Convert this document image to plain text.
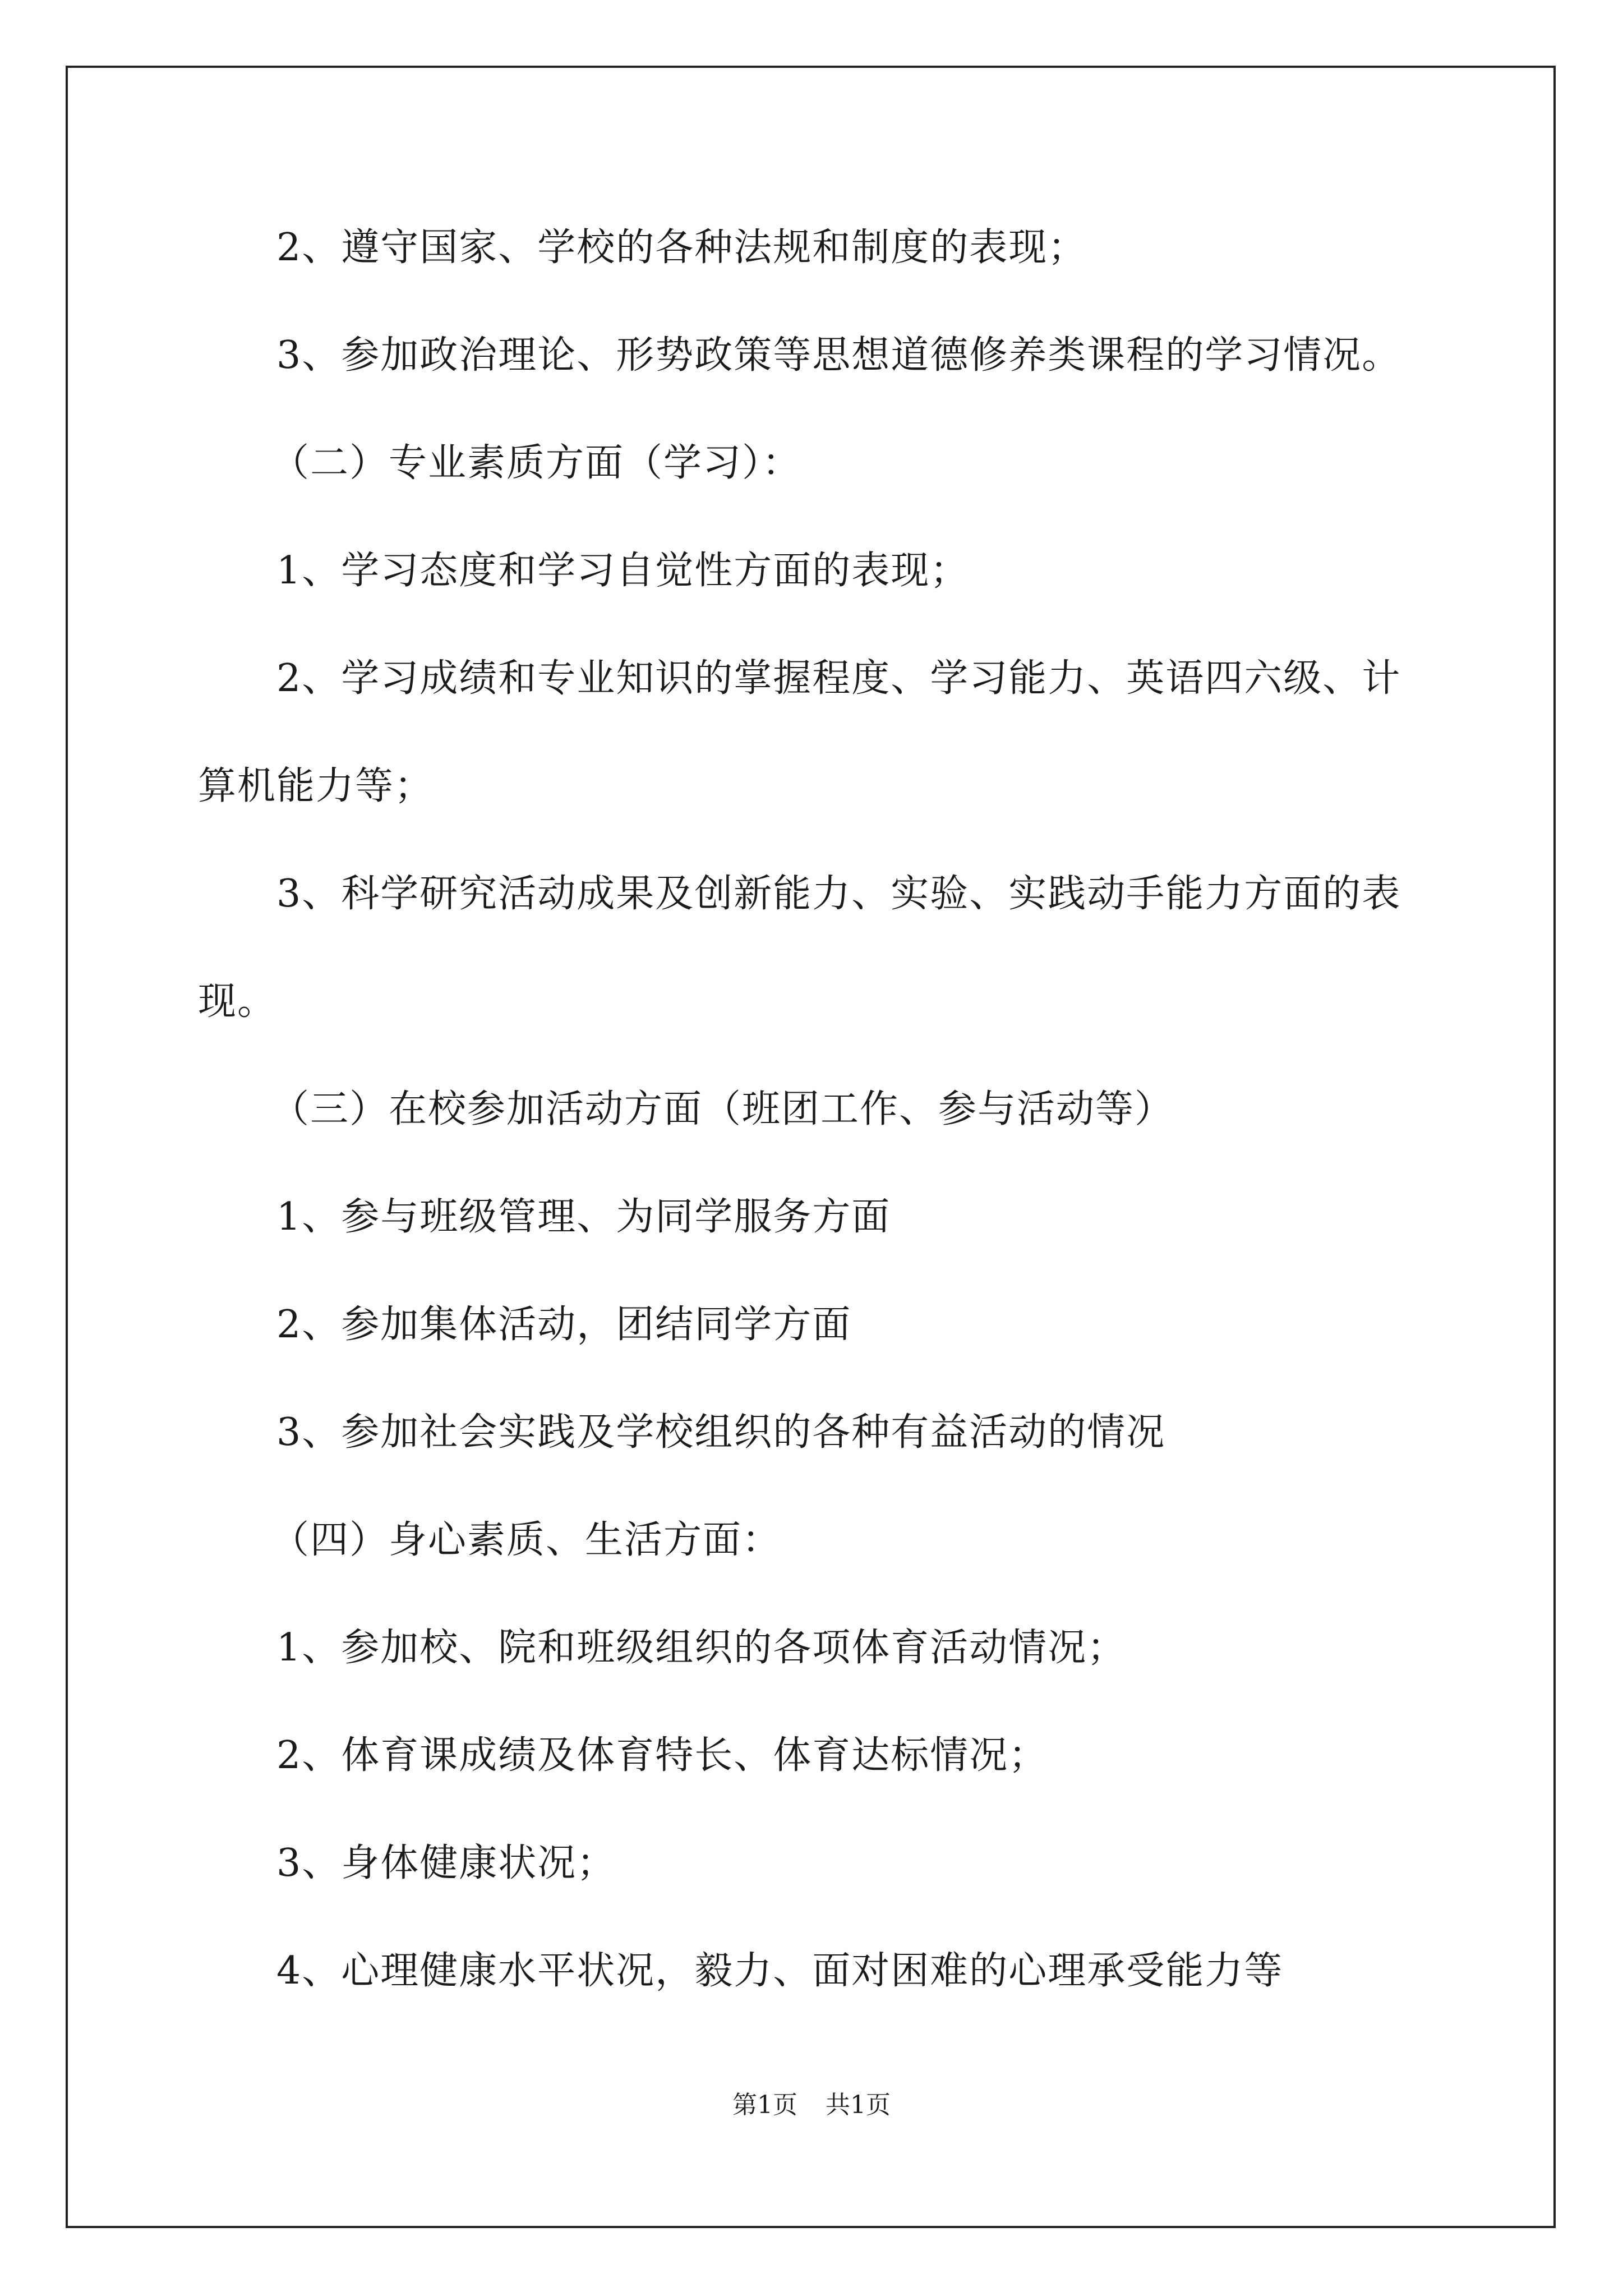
2、遵守国家、学校的各种法规和制度的表现；
3、参加政治理论、形势政策等思想道德修养类课程的学习情况。
（二）专业素质方面（学习）：
1、学习态度和学习自觉性方面的表现；
2、学习成绩和专业知识的掌握程度、学习能力、英语四六级、计
算机能力等；
3、科学研究活动成果及创新能力、实验、实践动手能力方面的表
现。
（三）在校参加活动方面（班团工作、参与活动等）
1、参与班级管理、为同学服务方面
2、参加集体活动，团结同学方面
3、参加社会实践及学校组织的各种有益活动的情况
（四）身心素质、生活方面：
1、参加校、院和班级组织的各项体育活动情况；
2、体育课成绩及体育特长、体育达标情况；
3、身体健康状况；
4、心理健康水平状况，毅力、面对困难的心理承受能力等
第1页 共1页
